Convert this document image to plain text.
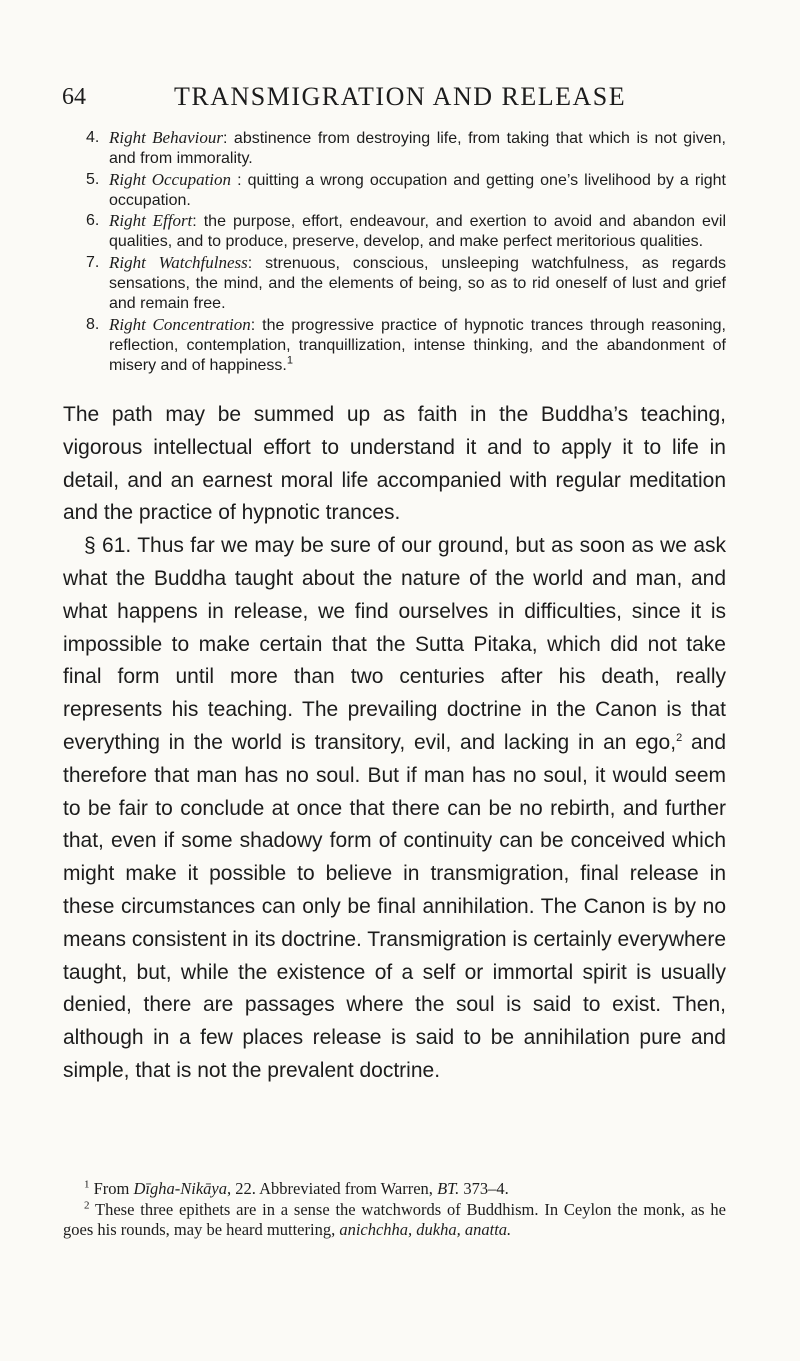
64	TRANSMIGRATION AND RELEASE
4. Right Behaviour: abstinence from destroying life, from taking that which is not given, and from immorality.
5. Right Occupation : quitting a wrong occupation and getting one’s livelihood by a right occupation.
6. Right Effort: the purpose, effort, endeavour, and exertion to avoid and abandon evil qualities, and to produce, preserve, develop, and make perfect meritorious qualities.
7. Right Watchfulness: strenuous, conscious, unsleeping watchfulness, as regards sensations, the mind, and the elements of being, so as to rid oneself of lust and grief and remain free.
8. Right Concentration: the progressive practice of hypnotic trances through reasoning, reflection, contemplation, tranquillization, intense thinking, and the abandonment of misery and of happiness.$^1$

The path may be summed up as faith in the Buddha’s teaching, vigorous intellectual effort to understand it and to apply it to life in detail, and an earnest moral life accompanied with regular meditation and the practice of hypnotic trances.

§ 61. Thus far we may be sure of our ground, but as soon as we ask what the Buddha taught about the nature of the world and man, and what happens in release, we find ourselves in difficulties, since it is impossible to make certain that the Sutta Pitaka, which did not take final form until more than two centuries after his death, really represents his teaching. The prevailing doctrine in the Canon is that everything in the world is transitory, evil, and lacking in an ego,$^2$ and therefore that man has no soul. But if man has no soul, it would seem to be fair to conclude at once that there can be no rebirth, and further that, even if some shadowy form of continuity can be conceived which might make it possible to believe in transmigration, final release in these circumstances can only be final annihilation. The Canon is by no means consistent in its doctrine. Transmigration is certainly everywhere taught, but, while the existence of a self or immortal spirit is usually denied, there are passages where the soul is said to exist. Then, although in a few places release is said to be annihilation pure and simple, that is not the prevalent doctrine.

$^1$ From Dīgha-Nikāya, 22. Abbreviated from Warren, BT. 373–4.

$^2$ These three epithets are in a sense the watchwords of Buddhism. In Ceylon the monk, as he goes his rounds, may be heard muttering, anichchha, dukha, anatta.
